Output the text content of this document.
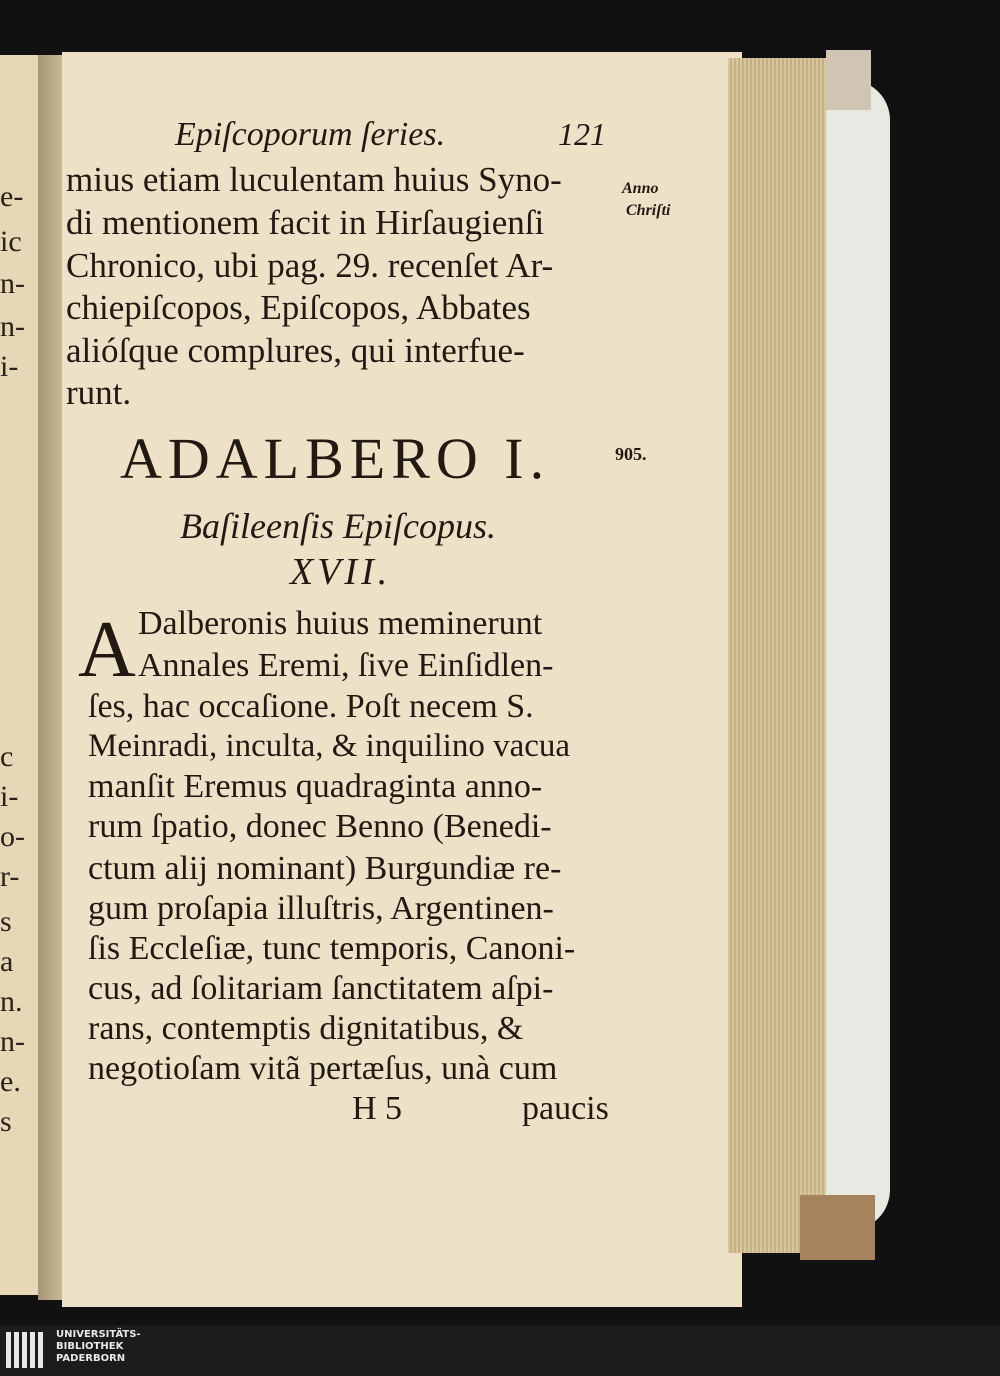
e-
ic
n-
n-
i-
c
i-
o-
r-
s
a
n.
n-
e.
s
Epiſcoporum ſeries.	121
Anno
Chriſti
mius etiam luculentam huius Syno-
di mentionem facit in Hirſaugienſi
Chronico, ubi pag. 29. recenſet Ar-
chiepiſcopos, Epiſcopos, Abbates
alióſque complures, qui interfue-
runt.
ADALBERO I.	905.
Baſileenſis Epiſcopus.
XVII.
A Dalberonis huius meminerunt
Annales Eremi, ſive Einſidlen-
ſes, hac occaſione. Poſt necem S.
Meinradi, inculta, & inquilino vacua
manſit Eremus quadraginta anno-
rum ſpatio, donec Benno (Benedi-
ctum alij nominant) Burgundiæ re-
gum proſapia illuſtris, Argentinen-
ſis Eccleſiæ, tunc temporis, Canoni-
cus, ad ſolitariam ſanctitatem aſpi-
rans, contemptis dignitatibus, &
negotioſam vitã pertæſus, unà cum
H 5	paucis
UNIVERSITÄTS-
BIBLIOTHEK
PADERBORN
